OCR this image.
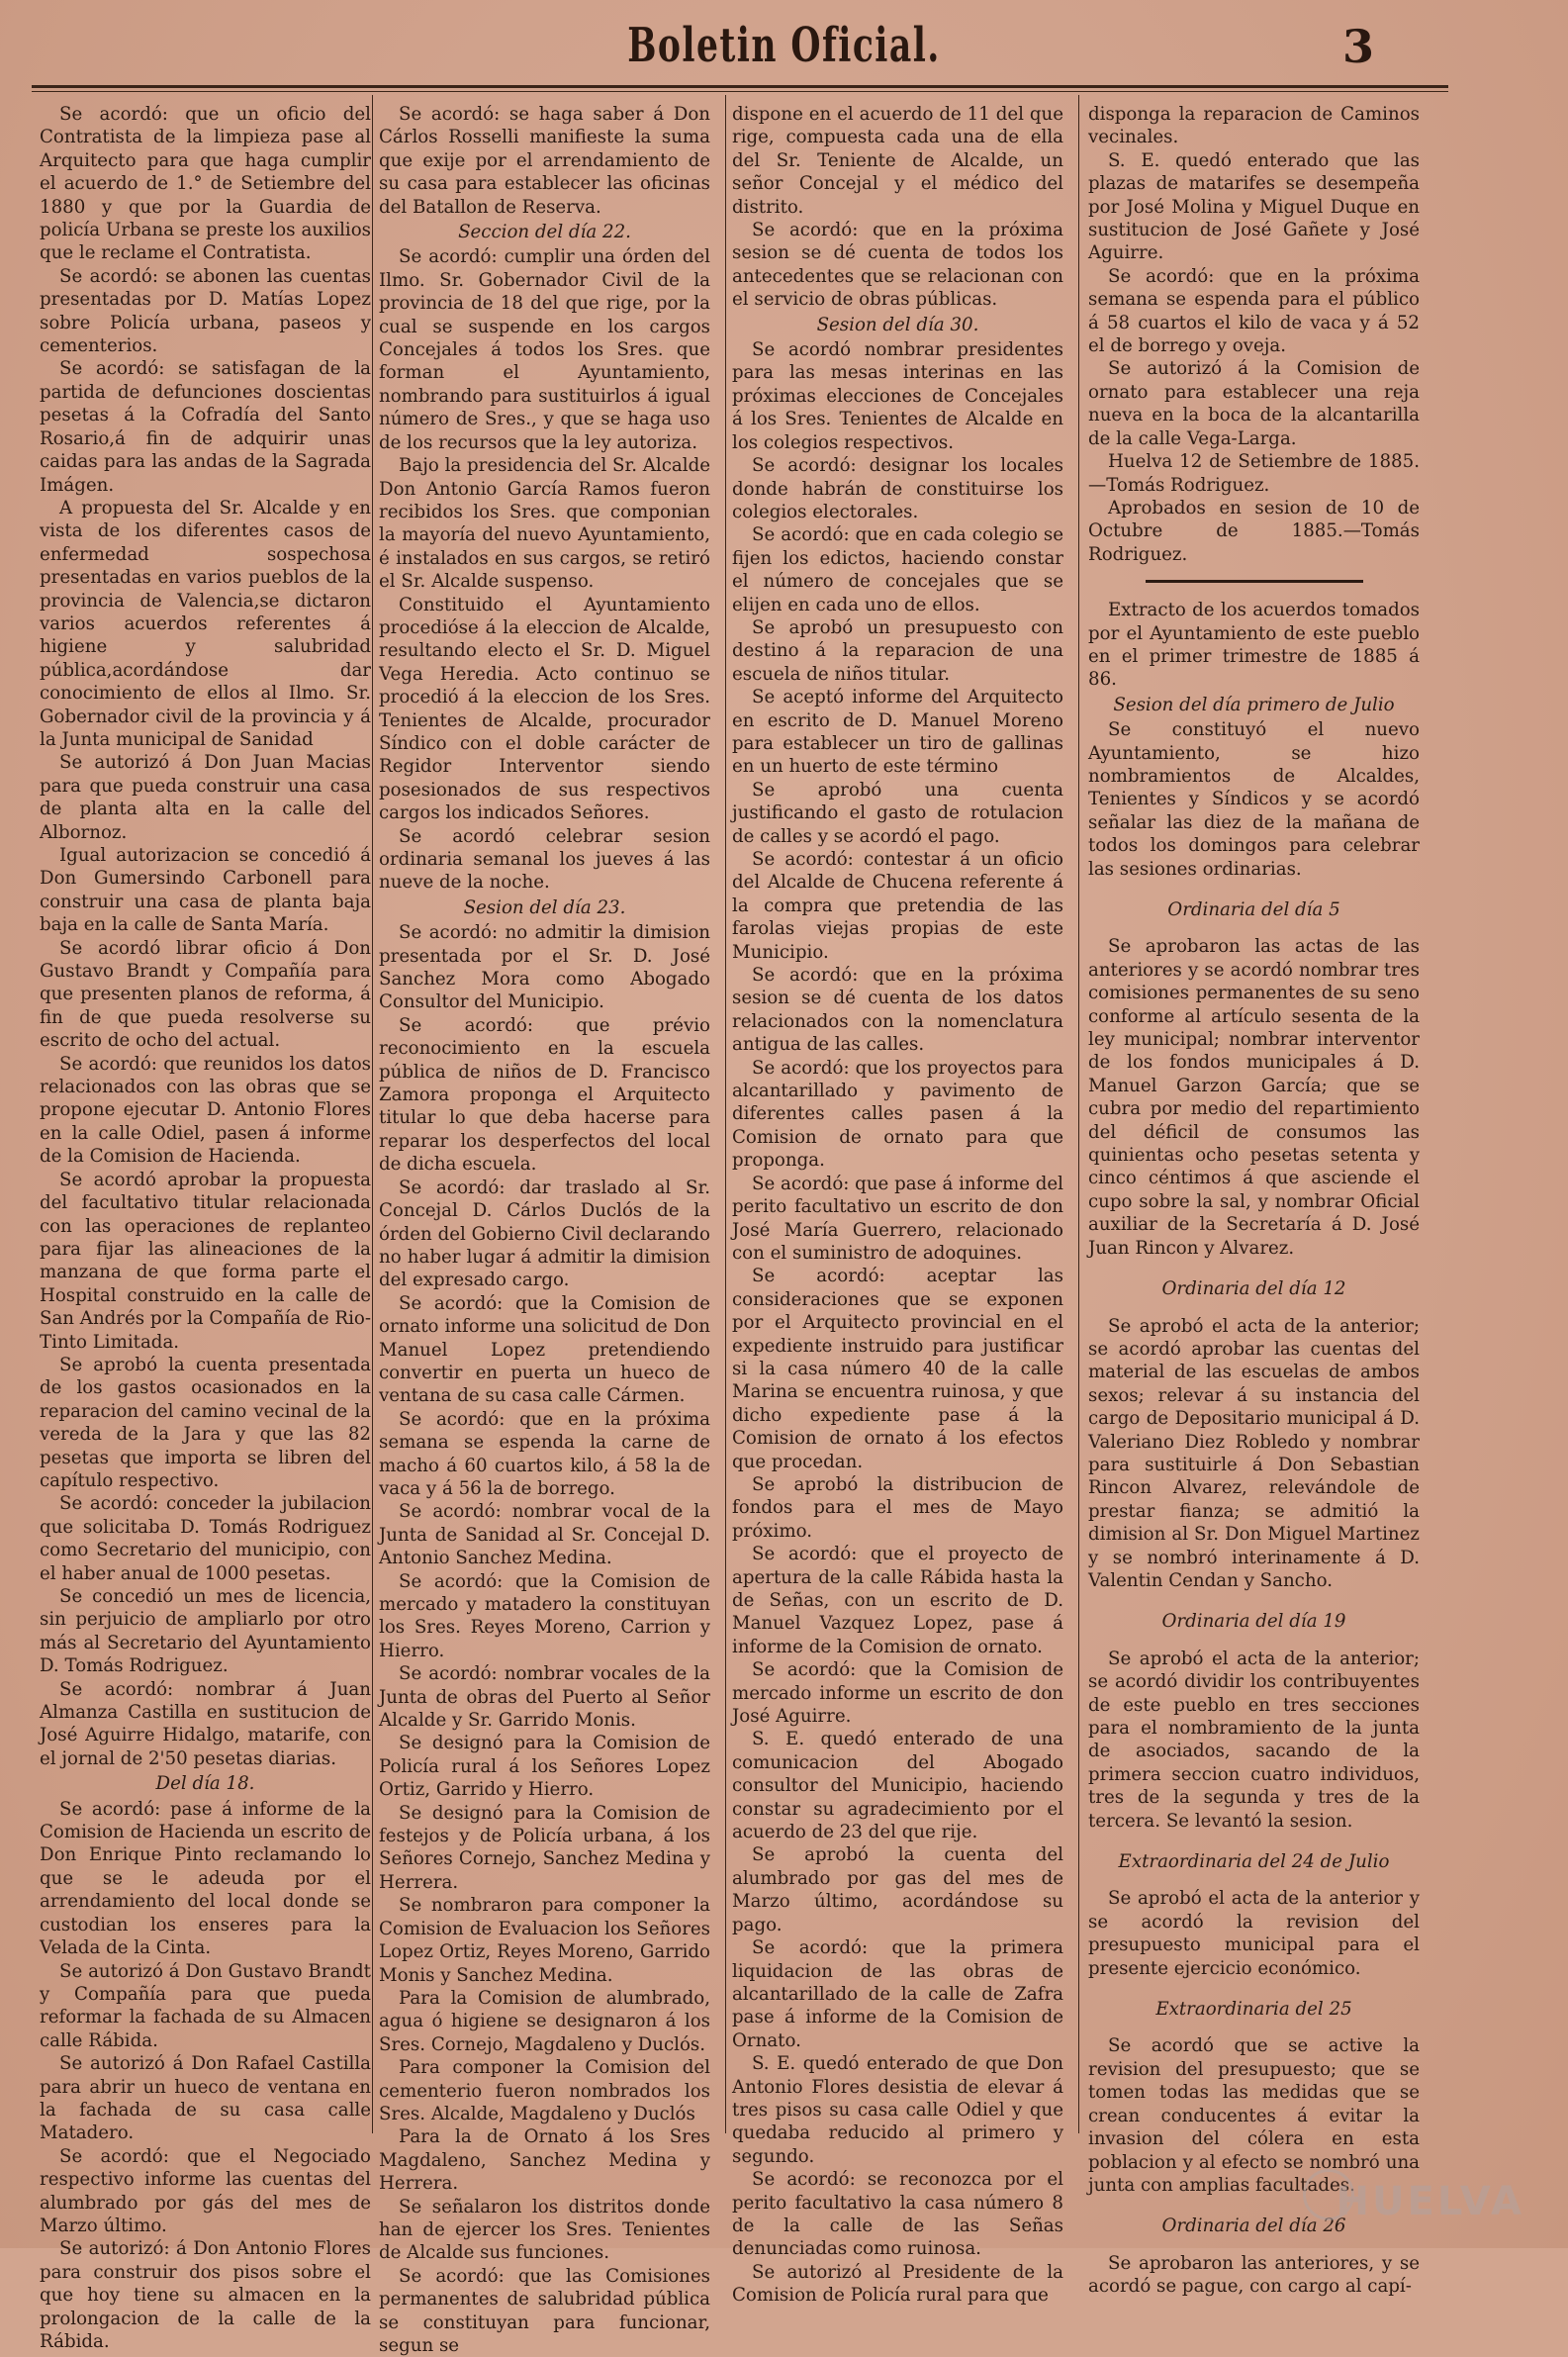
Boletin Oficial.	3

Se acordó: que un oficio del Contratista de la limpieza pase al Arquitecto para que haga cumplir el acuerdo de 1.° de Setiembre del 1880 y que por la Guardia de policía Urbana se preste los auxilios que le reclame el Contratista.

Se acordó: se abonen las cuentas presentadas por D. Matías Lopez sobre Policía urbana, paseos y cementerios.

Se acordó: se satisfagan de la partida de defunciones doscientas pesetas á la Cofradía del Santo Rosario,á fin de adquirir unas caidas para las andas de la Sagrada Imágen.

A propuesta del Sr. Alcalde y en vista de los diferentes casos de enfermedad sospechosa presentadas en varios pueblos de la provincia de Valencia,se dictaron varios acuerdos referentes á higiene y salubridad pública,acordándose dar conocimiento de ellos al Ilmo. Sr. Gobernador civil de la provincia y á la Junta municipal de Sanidad

Se autorizó á Don Juan Macias para que pueda construir una casa de planta alta en la calle del Albornoz.

Igual autorizacion se concedió á Don Gumersindo Carbonell para construir una casa de planta baja baja en la calle de Santa María.

Se acordó librar oficio á Don Gustavo Brandt y Compañía para que presenten planos de reforma, á fin de que pueda resolverse su escrito de ocho del actual.

Se acordó: que reunidos los datos relacionados con las obras que se propone ejecutar D. Antonio Flores en la calle Odiel, pasen á informe de la Comision de Hacienda.

Se acordó aprobar la propuesta del facultativo titular relacionada con las operaciones de replanteo para fijar las alineaciones de la manzana de que forma parte el Hospital construido en la calle de San Andrés por la Compañía de Rio-Tinto Limitada.

Se aprobó la cuenta presentada de los gastos ocasionados en la reparacion del camino vecinal de la vereda de la Jara y que las 82 pesetas que importa se libren del capítulo respectivo.

Se acordó: conceder la jubilacion que solicitaba D. Tomás Rodriguez como Secretario del municipio, con el haber anual de 1000 pesetas.

Se concedió un mes de licencia, sin perjuicio de ampliarlo por otro más al Secretario del Ayuntamiento D. Tomás Rodriguez.

Se acordó: nombrar á Juan Almanza Castilla en sustitucion de José Aguirre Hidalgo, matarife, con el jornal de 2'50 pesetas diarias.

Del día 18.

Se acordó: pase á informe de la Comision de Hacienda un escrito de Don Enrique Pinto reclamando lo que se le adeuda por el arrendamiento del local donde se custodian los enseres para la Velada de la Cinta.

Se autorizó á Don Gustavo Brandt y Compañía para que pueda reformar la fachada de su Almacen calle Rábida.

Se autorizó á Don Rafael Castilla para abrir un hueco de ventana en la fachada de su casa calle Matadero.

Se acordó: que el Negociado respectivo informe las cuentas del alumbrado por gás del mes de Marzo último.

Se autorizó: á Don Antonio Flores para construir dos pisos sobre el que hoy tiene su almacen en la prolongacion de la calle de la Rábida.

Se acordó: se haga saber á Don Cárlos Rosselli manifieste la suma que exije por el arrendamiento de su casa para establecer las oficinas del Batallon de Reserva.

Seccion del día 22.

Se acordó: cumplir una órden del Ilmo. Sr. Gobernador Civil de la provincia de 18 del que rige, por la cual se suspende en los cargos Concejales á todos los Sres. que forman el Ayuntamiento, nombrando para sustituirlos á igual número de Sres., y que se haga uso de los recursos que la ley autoriza.

Bajo la presidencia del Sr. Alcalde Don Antonio García Ramos fueron recibidos los Sres. que componian la mayoría del nuevo Ayuntamiento, é instalados en sus cargos, se retiró el Sr. Alcalde suspenso.

Constituido el Ayuntamiento procedióse á la eleccion de Alcalde, resultando electo el Sr. D. Miguel Vega Heredia. Acto continuo se procedió á la eleccion de los Sres. Tenientes de Alcalde, procurador Síndico con el doble carácter de Regidor Interventor siendo posesionados de sus respectivos cargos los indicados Señores.

Se acordó celebrar sesion ordinaria semanal los jueves á las nueve de la noche.

Sesion del día 23.

Se acordó: no admitir la dimision presentada por el Sr. D. José Sanchez Mora como Abogado Consultor del Municipio.

Se acordó: que prévio reconocimiento en la escuela pública de niños de D. Francisco Zamora proponga el Arquitecto titular lo que deba hacerse para reparar los desperfectos del local de dicha escuela.

Se acordó: dar traslado al Sr. Concejal D. Cárlos Duclós de la órden del Gobierno Civil declarando no haber lugar á admitir la dimision del expresado cargo.

Se acordó: que la Comision de ornato informe una solicitud de Don Manuel Lopez pretendiendo convertir en puerta un hueco de ventana de su casa calle Cármen.

Se acordó: que en la próxima semana se espenda la carne de macho á 60 cuartos kilo, á 58 la de vaca y á 56 la de borrego.

Se acordó: nombrar vocal de la Junta de Sanidad al Sr. Concejal D. Antonio Sanchez Medina.

Se acordó: que la Comision de mercado y matadero la constituyan los Sres. Reyes Moreno, Carrion y Hierro.

Se acordó: nombrar vocales de la Junta de obras del Puerto al Señor Alcalde y Sr. Garrido Monis.

Se designó para la Comision de Policía rural á los Señores Lopez Ortiz, Garrido y Hierro.

Se designó para la Comision de festejos y de Policía urbana, á los Señores Cornejo, Sanchez Medina y Herrera.

Se nombraron para componer la Comision de Evaluacion los Señores Lopez Ortiz, Reyes Moreno, Garrido Monis y Sanchez Medina.

Para la Comision de alumbrado, agua ó higiene se designaron á los Sres. Cornejo, Magdaleno y Duclós.

Para componer la Comision del cementerio fueron nombrados los Sres. Alcalde, Magdaleno y Duclós

Para la de Ornato á los Sres Magdaleno, Sanchez Medina y Herrera.

Se señalaron los distritos donde han de ejercer los Sres. Tenientes de Alcalde sus funciones.

Se acordó: que las Comisiones permanentes de salubridad pública se constituyan para funcionar, segun se

dispone en el acuerdo de 11 del que rige, compuesta cada una de ella del Sr. Teniente de Alcalde, un señor Concejal y el médico del distrito.

Se acordó: que en la próxima sesion se dé cuenta de todos los antecedentes que se relacionan con el servicio de obras públicas.

Sesion del día 30.

Se acordó nombrar presidentes para las mesas interinas en las próximas elecciones de Concejales á los Sres. Tenientes de Alcalde en los colegios respectivos.

Se acordó: designar los locales donde habrán de constituirse los colegios electorales.

Se acordó: que en cada colegio se fijen los edictos, haciendo constar el número de concejales que se elijen en cada uno de ellos.

Se aprobó un presupuesto con destino á la reparacion de una escuela de niños titular.

Se aceptó informe del Arquitecto en escrito de D. Manuel Moreno para establecer un tiro de gallinas en un huerto de este término

Se aprobó una cuenta justificando el gasto de rotulacion de calles y se acordó el pago.

Se acordó: contestar á un oficio del Alcalde de Chucena referente á la compra que pretendia de las farolas viejas propias de este Municipio.

Se acordó: que en la próxima sesion se dé cuenta de los datos relacionados con la nomenclatura antigua de las calles.

Se acordó: que los proyectos para alcantarillado y pavimento de diferentes calles pasen á la Comision de ornato para que proponga.

Se acordó: que pase á informe del perito facultativo un escrito de don José María Guerrero, relacionado con el suministro de adoquines.

Se acordó: aceptar las consideraciones que se exponen por el Arquitecto provincial en el expediente instruido para justificar si la casa número 40 de la calle Marina se encuentra ruinosa, y que dicho expediente pase á la Comision de ornato á los efectos que procedan.

Se aprobó la distribucion de fondos para el mes de Mayo próximo.

Se acordó: que el proyecto de apertura de la calle Rábida hasta la de Señas, con un escrito de D. Manuel Vazquez Lopez, pase á informe de la Comision de ornato.

Se acordó: que la Comision de mercado informe un escrito de don José Aguirre.

S. E. quedó enterado de una comunicacion del Abogado consultor del Municipio, haciendo constar su agradecimiento por el acuerdo de 23 del que rije.

Se aprobó la cuenta del alumbrado por gas del mes de Marzo último, acordándose su pago.

Se acordó: que la primera liquidacion de las obras de alcantarillado de la calle de Zafra pase á informe de la Comision de Ornato.

S. E. quedó enterado de que Don Antonio Flores desistia de elevar á tres pisos su casa calle Odiel y que quedaba reducido al primero y segundo.

Se acordó: se reconozca por el perito facultativo la casa número 8 de la calle de las Señas denunciadas como ruinosa.

Se autorizó al Presidente de la Comision de Policía rural para que

disponga la reparacion de Caminos vecinales.

S. E. quedó enterado que las plazas de matarifes se desempeña por José Molina y Miguel Duque en sustitucion de José Gañete y José Aguirre.

Se acordó: que en la próxima semana se espenda para el público á 58 cuartos el kilo de vaca y á 52 el de borrego y oveja.

Se autorizó á la Comision de ornato para establecer una reja nueva en la boca de la alcantarilla de la calle Vega-Larga.

Huelva 12 de Setiembre de 1885. —Tomás Rodriguez.

Aprobados en sesion de 10 de Octubre de 1885.—Tomás Rodriguez.

Extracto de los acuerdos tomados por el Ayuntamiento de este pueblo en el primer trimestre de 1885 á 86.

Sesion del día primero de Julio

Se constituyó el nuevo Ayuntamiento, se hizo nombramientos de Alcaldes, Tenientes y Síndicos y se acordó señalar las diez de la mañana de todos los domingos para celebrar las sesiones ordinarias.

Ordinaria del día 5

Se aprobaron las actas de las anteriores y se acordó nombrar tres comisiones permanentes de su seno conforme al artículo sesenta de la ley municipal; nombrar interventor de los fondos municipales á D. Manuel Garzon García; que se cubra por medio del repartimiento del déficil de consumos las quinientas ocho pesetas setenta y cinco céntimos á que asciende el cupo sobre la sal, y nombrar Oficial auxiliar de la Secretaría á D. José Juan Rincon y Alvarez.

Ordinaria del día 12

Se aprobó el acta de la anterior; se acordó aprobar las cuentas del material de las escuelas de ambos sexos; relevar á su instancia del cargo de Depositario municipal á D. Valeriano Diez Robledo y nombrar para sustituirle á Don Sebastian Rincon Alvarez, relevándole de prestar fianza; se admitió la dimision al Sr. Don Miguel Martinez y se nombró interinamente á D. Valentin Cendan y Sancho.

Ordinaria del día 19

Se aprobó el acta de la anterior; se acordó dividir los contribuyentes de este pueblo en tres secciones para el nombramiento de la junta de asociados, sacando de la primera seccion cuatro individuos, tres de la segunda y tres de la tercera. Se levantó la sesion.

Extraordinaria del 24 de Julio

Se aprobó el acta de la anterior y se acordó la revision del presupuesto municipal para el presente ejercicio económico.

Extraordinaria del 25

Se acordó que se active la revision del presupuesto; que se tomen todas las medidas que se crean conducentes á evitar la invasion del cólera en esta poblacion y al efecto se nombró una junta con amplias facultades.

Ordinaria del día 26

Se aprobaron las anteriores, y se acordó se pague, con cargo al capí-

HUELVA
